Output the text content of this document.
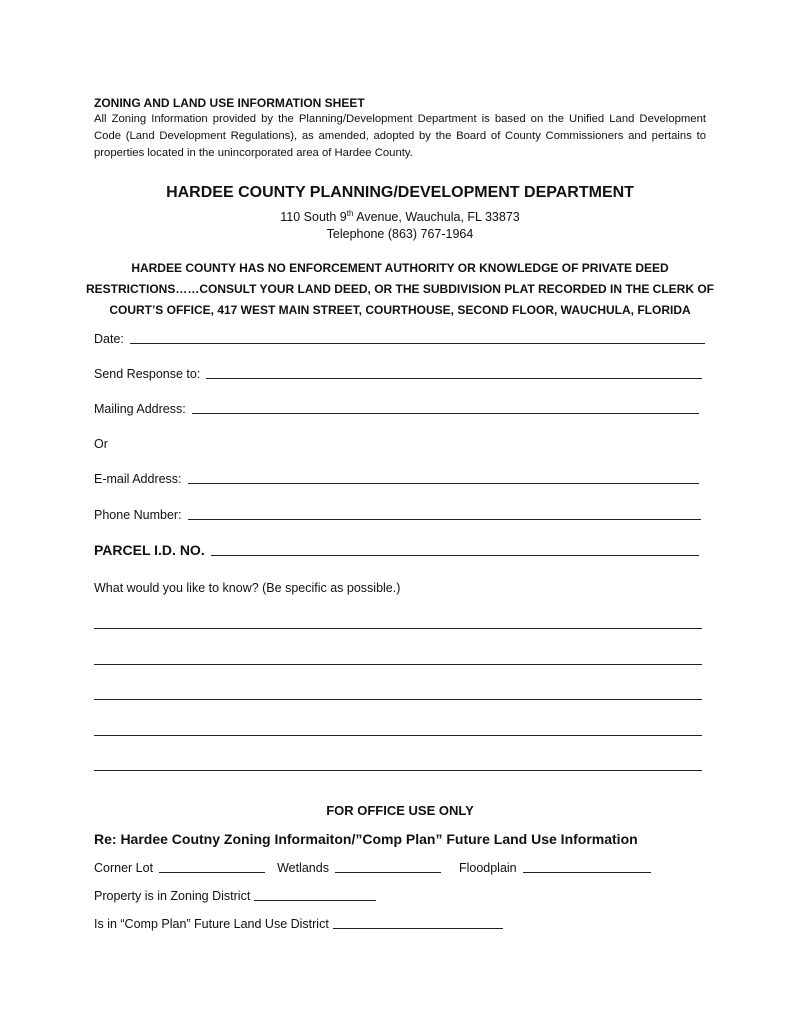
ZONING AND LAND USE INFORMATION SHEET
All Zoning Information provided by the Planning/Development Department is based on the Unified Land Development Code (Land Development Regulations), as amended, adopted by the Board of County Commissioners and pertains to properties located in the unincorporated area of Hardee County.
HARDEE COUNTY PLANNING/DEVELOPMENT DEPARTMENT
110 South 9th Avenue, Wauchula, FL 33873
Telephone (863) 767-1964
HARDEE COUNTY HAS NO ENFORCEMENT AUTHORITY OR KNOWLEDGE OF PRIVATE DEED
RESTRICTIONS……CONSULT YOUR LAND DEED, OR THE SUBDIVISION PLAT RECORDED IN THE CLERK OF
COURT’S OFFICE, 417 WEST MAIN STREET, COURTHOUSE, SECOND FLOOR, WAUCHULA, FLORIDA
Date:
Send Response to:
Mailing Address:
Or
E-mail Address:
Phone Number:
PARCEL I.D. NO.
What would you like to know? (Be specific as possible.)
FOR OFFICE USE ONLY
Re: Hardee Coutny Zoning Informaiton/”Comp Plan” Future Land Use Information
Corner Lot	Wetlands	Floodplain
Property is in Zoning District
Is in “Comp Plan” Future Land Use District
